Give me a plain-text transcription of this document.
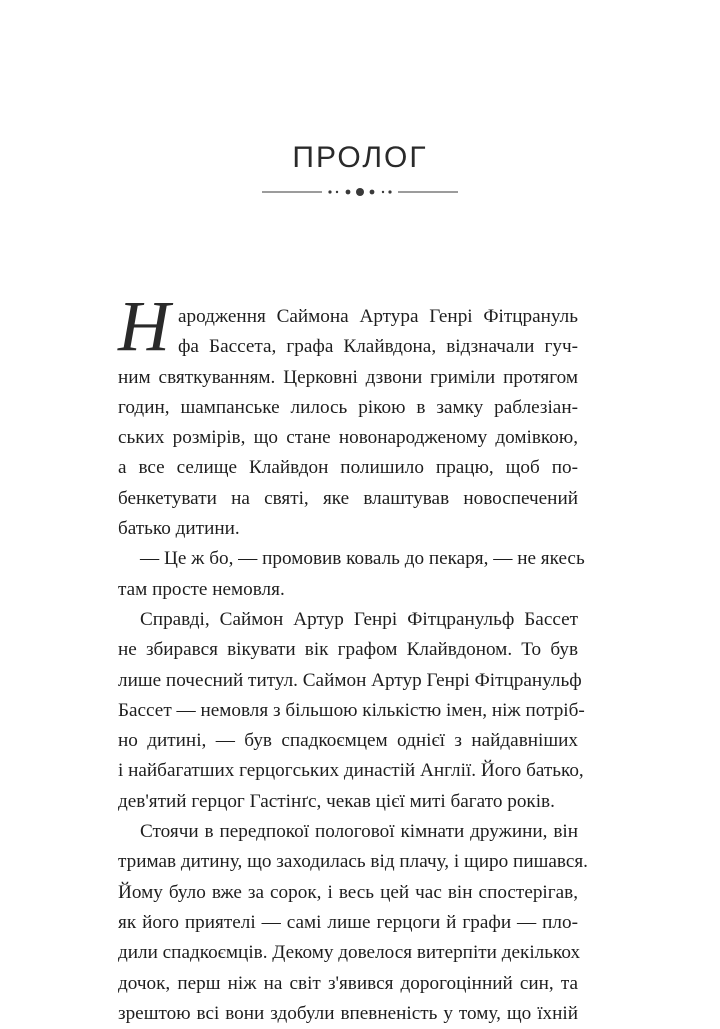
ПРОЛОГ
Н ародження Саймона Артура Генрі Фітцрануль
фа Бассета, графа Клайвдона, відзначали гуч-
ним святкуванням. Церковні дзвони гриміли протягом
годин, шампанське лилось рікою в замку раблезіан-
ських розмірів, що стане новонародженому домівкою,
а все селище Клайвдон полишило працю, щоб по-
бенкетувати на святі, яке влаштував новоспечений
батько дитини.
— Це ж бо, — промовив коваль до пекаря, — не якесь
там просте немовля.
Справді, Саймон Артур Генрі Фітцранульф Бассет
не збирався вікувати вік графом Клайвдоном. То був
лише почесний титул. Саймон Артур Генрі Фітцранульф
Бассет — немовля з більшою кількістю імен, ніж потріб-
но дитині, — був спадкоємцем однієї з найдавніших
і найбагатших герцогських династій Англії. Його батько,
дев'ятий герцог Гастінґс, чекав цієї миті багато років.
Стоячи в передпокої пологової кімнати дружини, він
тримав дитину, що заходилась від плачу, і щиро пишався.
Йому було вже за сорок, і весь цей час він спостерігав,
як його приятелі — самі лише герцоги й графи — пло-
дили спадкоємців. Декому довелося витерпіти декількох
дочок, перш ніж на світ з'явився дорогоцінний син, та
зрештою всі вони здобули впевненість у тому, що їхній
